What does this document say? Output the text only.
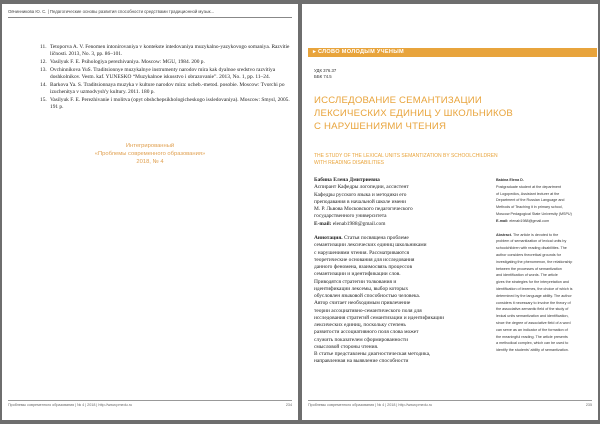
Овчинникова Ю. С. | Педагогические основы развития способности средствами традиционной музык...
11. Tetoporva A. V. Fenomen intonirovaniya v kontekste intedovaniya muzykalno-yazykovogo somaniya. Razvitie ličnosti. 2013, No. 3, pp. 86–101.
12. Vasilyuk F. E. Psihologiya perezhivaniya. Moscow: MGU, 1984. 200 p.
13. Ovchinnikova YuS. Traditsionnye muzykalnye instrumenty narodov mira kak dyalnoe sredstvo razvitiya doshkolnikov. Vestn. kaf. YUNESKO “Muzykalnoe iskusstvo i obrazovanie”. 2013, No. 1, pp. 11–24.
14. Barkova Ya. S. Traditsionnaya muzyka v kulture narodov mira: uchеb.-metod. posobie. Moscow: Tvorchi po izuchenitya v uzmodvysh'y kultury. 2011. 180 p.
15. Vasilyuk F. E. Perezhivanie i molitva (opyt obshchepsikhologicheskogo issledovaniya). Moscow: Smysl, 2005. 191 p.
Интегрированный
«Проблемы современного образования»
2018, № 4
Проблемы современного образования | № 4 | 2018 | http://www.pmedu.ru	234
▸ СЛОВО МОЛОДЫМ УЧЕНЫМ
УДК 376.37
ББК 74.5
ИССЛЕДОВАНИЕ СЕМАНТИЗАЦИИ
ЛЕКСИЧЕСКИХ ЕДИНИЦ У ШКОЛЬНИКОВ
С НАРУШЕНИЯМИ ЧТЕНИЯ
THE STUDY OF THE LEXICAL UNITS SEMANTIZATION BY SCHOOLCHILDREN
WITH READING DISABILITIES

Бабина Елена Дмитриевна

Аспирант Кафедры логопедии, ассистент

Кафедры русского языка и методики его

преподавания в начальной школе имени

М. Р. Львова Московского педагогического

государственного университета

E-mail: elenab1988@gmail.com

Аннотация. Статья посвящена проблеме

семантизации лексических единиц школьниками

с нарушениями чтения. Рассматриваются

теоретические основания для исследования

данного феномена, взаимосвязь процессов

семантизации и идентификации слов.

Приводятся стратегии толкования и

идентификации лексемы, выбор которых

обусловлен языковой способностью человека.

Автор считает необходимым привлечение

теории ассоциативно-семантического поля для

исследования стратегий семантизации и идентификации

лексических единиц, поскольку степень

развитости ассоциативного поля слова может

служить показателем сформированности

смысловой стороны чтения.

В статье представлены диагностическая методика,

направленная на выявление способности

Babina Elena D.

Postgraduate student at the department

of Logopedics, Assistant lecturer at the

Department of the Russian Language and

Methods of Teaching it in primary school,

Moscow Pedagogical State University (MSPU)

E-mail: elenab1988@gmail.com

Abstract. The article is devoted to the

problem of semantization of lexical units by

schoolchildren with reading disabilities. The

author considers theoretical grounds for

investigating the phenomenon, the relationship

between the processes of semantization

and identification of words. The article

gives the strategies for the interpretation and

identification of lexemes, the choice of which is

determined by the language ability. The author

considers it necessary to involve the theory of

the associative-semantic field of the study of

lexical units semantization and identification,

since the degree of associative field of a word

can serve as an indicator of the formation of

the meaningful reading. The article presents

a methodical complex, which can be used to

identify the students' ability of semantization.

Проблемы современного образования | № 4 | 2018 | http://www.pmedu.ru	235
